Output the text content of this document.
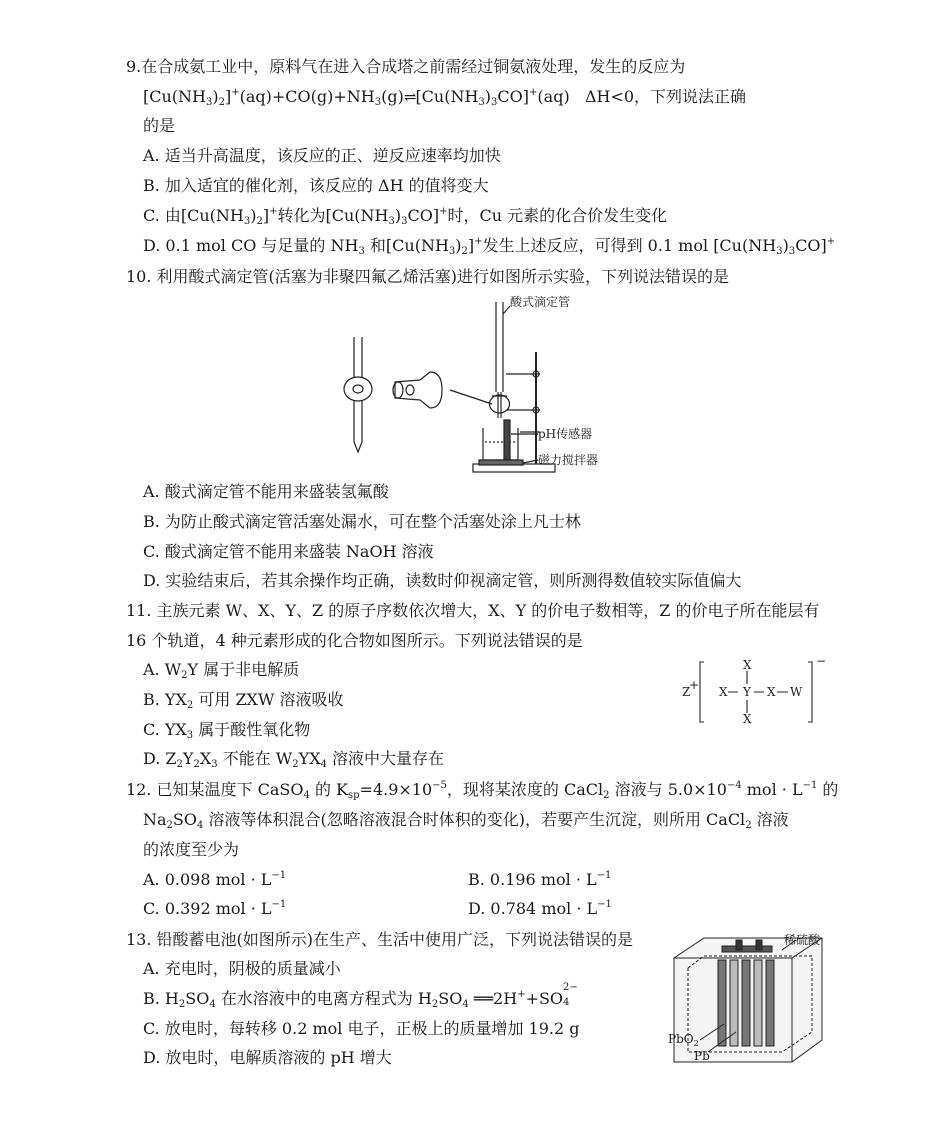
9.在合成氨工业中，原料气在进入合成塔之前需经过铜氨液处理，发生的反应为
$[Cu(NH_3)_2]^+(aq)+CO(g)+NH_3(g)\rightleftharpoons[Cu(NH_3)_3CO]^+(aq)$ ΔH<0，下列说法正确
的是
A. 适当升高温度，该反应的正、逆反应速率均加快
B. 加入适宜的催化剂，该反应的 ΔH 的值将变大
C. 由$[Cu(NH_3)_2]^+$转化为$[Cu(NH_3)_3CO]^+$时，Cu 元素的化合价发生变化
D. 0.1 mol CO 与足量的 $NH_3$ 和$[Cu(NH_3)_2]^+$发生上述反应，可得到 0.1 mol $[Cu(NH_3)_3CO]^+$
10. 利用酸式滴定管(活塞为非聚四氟乙烯活塞)进行如图所示实验，下列说法错误的是
酸式滴定管
pH传感器
磁力搅拌器
A. 酸式滴定管不能用来盛装氢氟酸
B. 为防止酸式滴定管活塞处漏水，可在整个活塞处涂上凡士林
C. 酸式滴定管不能用来盛装 NaOH 溶液
D. 实验结束后，若其余操作均正确，读数时仰视滴定管，则所测得数值较实际值偏大
11. 主族元素 W、X、Y、Z 的原子序数依次增大，X、Y 的价电子数相等，Z 的价电子所在能层有
16 个轨道，4 种元素形成的化合物如图所示。下列说法错误的是
A. $W_2Y$ 属于非电解质
B. $YX_2$ 可用 ZXW 溶液吸收
C. $YX_3$ 属于酸性氧化物
D. $Z_2Y_2X_3$ 不能在 $W_2YX_4$ 溶液中大量存在
Z
+ X Y
X
X
X W
−
12. 已知某温度下 CaSO$_4$ 的 $K_{sp}=4.9\times 10^{-5}$，现将某浓度的 CaCl$_2$ 溶液与 $5.0\times 10^{-4}$ mol · $L^{-1}$ 的
$Na_2SO_4$ 溶液等体积混合(忽略溶液混合时体积的变化)，若要产生沉淀，则所用 CaCl$_2$ 溶液
的浓度至少为
A. 0.098 mol · $L^{-1}$	B. 0.196 mol · $L^{-1}$
C. 0.392 mol · $L^{-1}$	D. 0.784 mol · $L^{-1}$
13. 铅酸蓄电池(如图所示)在生产、生活中使用广泛，下列说法错误的是
A. 充电时，阴极的质量减小
B. $H_2SO_4$ 在水溶液中的电离方程式为 $H_2SO_4$ ══2H++SO
2−
4
C. 放电时，每转移 0.2 mol 电子，正极上的质量增加 19.2 g
D. 放电时，电解质溶液的 pH 增大
稀硫酸
PbO$_2$
Pb
